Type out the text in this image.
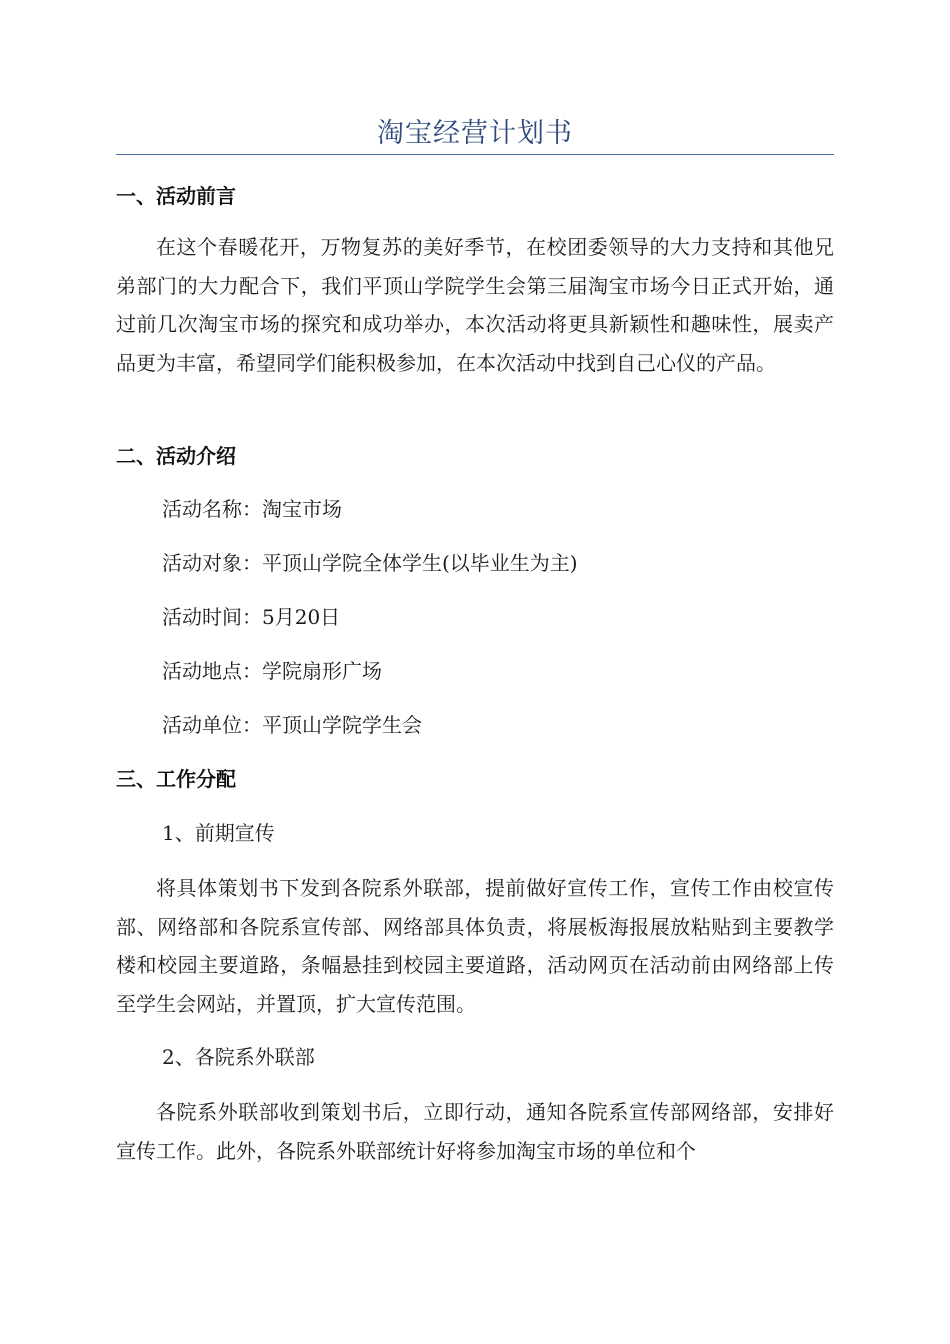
淘宝经营计划书
一、活动前言
在这个春暖花开，万物复苏的美好季节，在校团委领导的大力支持和其他兄弟部门的大力配合下，我们平顶山学院学生会第三届淘宝市场今日正式开始，通过前几次淘宝市场的探究和成功举办，本次活动将更具新颖性和趣味性，展卖产品更为丰富，希望同学们能积极参加，在本次活动中找到自己心仪的产品。
二、活动介绍
活动名称：淘宝市场
活动对象：平顶山学院全体学生(以毕业生为主)
活动时间：5月20日
活动地点：学院扇形广场
活动单位：平顶山学院学生会
三、工作分配
1、前期宣传
将具体策划书下发到各院系外联部，提前做好宣传工作，宣传工作由校宣传部、网络部和各院系宣传部、网络部具体负责，将展板海报展放粘贴到主要教学楼和校园主要道路，条幅悬挂到校园主要道路，活动网页在活动前由网络部上传至学生会网站，并置顶，扩大宣传范围。
2、各院系外联部
各院系外联部收到策划书后，立即行动，通知各院系宣传部网络部，安排好宣传工作。此外，各院系外联部统计好将参加淘宝市场的单位和个
